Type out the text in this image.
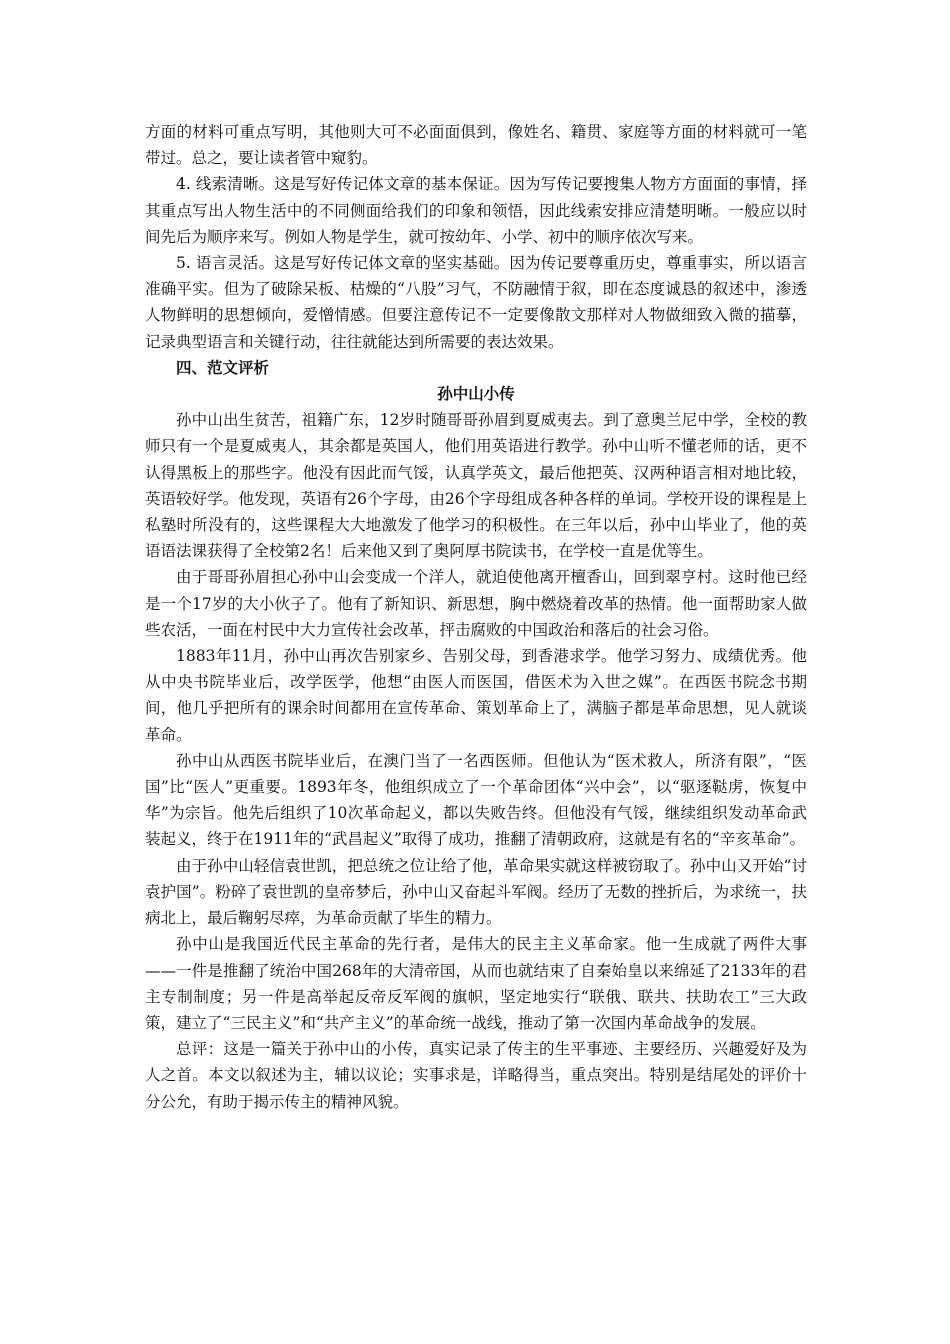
方面的材料可重点写明，其他则大可不必面面俱到，像姓名、籍贯、家庭等方面的材料就可一笔带过。总之，要让读者管中窥豹。

4. 线索清晰。这是写好传记体文章的基本保证。因为写传记要搜集人物方方面面的事情，择其重点写出人物生活中的不同侧面给我们的印象和领悟，因此线索安排应清楚明晰。一般应以时间先后为顺序来写。例如人物是学生，就可按幼年、小学、初中的顺序依次写来。

5. 语言灵活。这是写好传记体文章的坚实基础。因为传记要尊重历史，尊重事实，所以语言准确平实。但为了破除呆板、枯燥的“八股”习气，不防融情于叙，即在态度诚恳的叙述中，渗透人物鲜明的思想倾向，爱憎情感。但要注意传记不一定要像散文那样对人物做细致入微的描摹，记录典型语言和关键行动，往往就能达到所需要的表达效果。

四、范文评析

孙中山小传

孙中山出生贫苦，祖籍广东，12岁时随哥哥孙眉到夏威夷去。到了意奥兰尼中学，全校的教师只有一个是夏威夷人，其余都是英国人，他们用英语进行教学。孙中山听不懂老师的话，更不认得黑板上的那些字。他没有因此而气馁，认真学英文，最后他把英、汉两种语言相对地比较，英语较好学。他发现，英语有26个字母，由26个字母组成各种各样的单词。学校开设的课程是上私塾时所没有的，这些课程大大地激发了他学习的积极性。在三年以后，孙中山毕业了，他的英语语法课获得了全校第2名！后来他又到了奥阿厚书院读书，在学校一直是优等生。

由于哥哥孙眉担心孙中山会变成一个洋人，就迫使他离开檀香山，回到翠亨村。这时他已经是一个17岁的大小伙子了。他有了新知识、新思想，胸中燃烧着改革的热情。他一面帮助家人做些农活，一面在村民中大力宣传社会改革，抨击腐败的中国政治和落后的社会习俗。

1883年11月，孙中山再次告别家乡、告别父母，到香港求学。他学习努力、成绩优秀。他从中央书院毕业后，改学医学，他想“由医人而医国，借医术为入世之媒”。在西医书院念书期间，他几乎把所有的课余时间都用在宣传革命、策划革命上了，满脑子都是革命思想，见人就谈革命。

孙中山从西医书院毕业后，在澳门当了一名西医师。但他认为“医术救人，所济有限”，“医国”比“医人”更重要。1893年冬，他组织成立了一个革命团体“兴中会”，以“驱逐鞑虏，恢复中华”为宗旨。他先后组织了10次革命起义，都以失败告终。但他没有气馁，继续组织发动革命武装起义，终于在1911年的“武昌起义”取得了成功，推翻了清朝政府，这就是有名的“辛亥革命”。

由于孙中山轻信袁世凯，把总统之位让给了他，革命果实就这样被窃取了。孙中山又开始“讨袁护国”。粉碎了袁世凯的皇帝梦后，孙中山又奋起斗军阀。经历了无数的挫折后，为求统一，扶病北上，最后鞠躬尽瘁，为革命贡献了毕生的精力。

孙中山是我国近代民主革命的先行者，是伟大的民主主义革命家。他一生成就了两件大事——一件是推翻了统治中国268年的大清帝国，从而也就结束了自秦始皇以来绵延了2133年的君主专制制度；另一件是高举起反帝反军阀的旗帜，坚定地实行“联俄、联共、扶助农工”三大政策，建立了“三民主义”和“共产主义”的革命统一战线，推动了第一次国内革命战争的发展。

总评：这是一篇关于孙中山的小传，真实记录了传主的生平事迹、主要经历、兴趣爱好及为人之首。本文以叙述为主，辅以议论；实事求是，详略得当，重点突出。特别是结尾处的评价十分公允，有助于揭示传主的精神风貌。
